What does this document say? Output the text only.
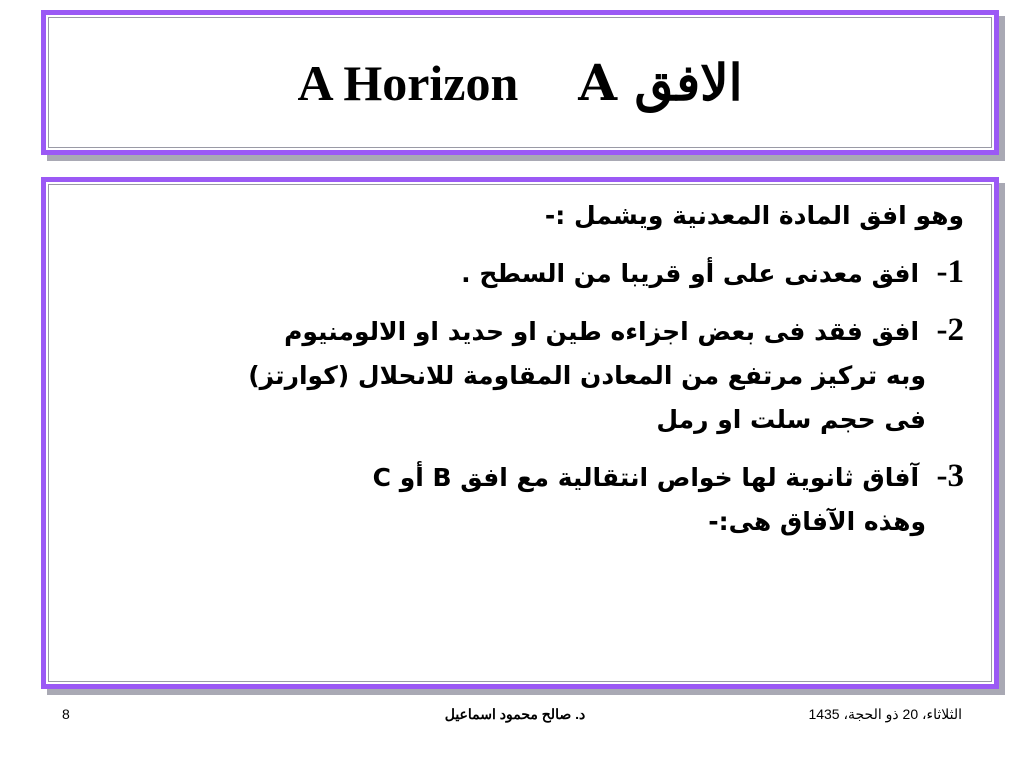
A Horizon الافق A
وهو افق المادة المعدنية ويشمل :-
1-  افق معدنى على أو قريبا من السطح .
2-  افق فقد فى بعض اجزاءه طين او حديد او الالومنيوم
وبه تركيز مرتفع من المعادن المقاومة للانحلال (كوارتز)
فى حجم سلت او رمل
3-  آفاق ثانوية لها خواص انتقالية مع افق B أو C
وهذه الآفاق هى:-
8	د. صالح محمود اسماعيل	الثلاثاء، 20 ذو الحجة، 1435
